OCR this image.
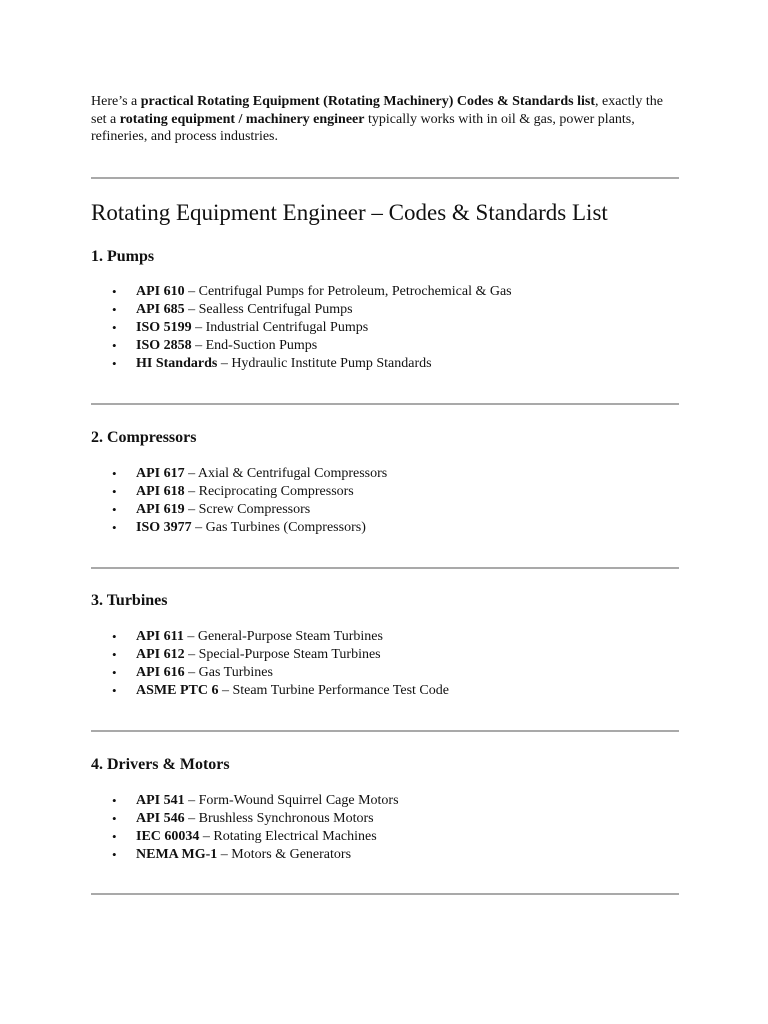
Here’s a practical Rotating Equipment (Rotating Machinery) Codes & Standards list, exactly the set a rotating equipment / machinery engineer typically works with in oil & gas, power plants, refineries, and process industries.

Rotating Equipment Engineer – Codes & Standards List
1. Pumps
• API 610 – Centrifugal Pumps for Petroleum, Petrochemical & Gas
• API 685 – Sealless Centrifugal Pumps
• ISO 5199 – Industrial Centrifugal Pumps
• ISO 2858 – End-Suction Pumps
• HI Standards – Hydraulic Institute Pump Standards
2. Compressors
• API 617 – Axial & Centrifugal Compressors
• API 618 – Reciprocating Compressors
• API 619 – Screw Compressors
• ISO 3977 – Gas Turbines (Compressors)
3. Turbines
• API 611 – General-Purpose Steam Turbines
• API 612 – Special-Purpose Steam Turbines
• API 616 – Gas Turbines
• ASME PTC 6 – Steam Turbine Performance Test Code
4. Drivers & Motors
• API 541 – Form-Wound Squirrel Cage Motors
• API 546 – Brushless Synchronous Motors
• IEC 60034 – Rotating Electrical Machines
• NEMA MG-1 – Motors & Generators
